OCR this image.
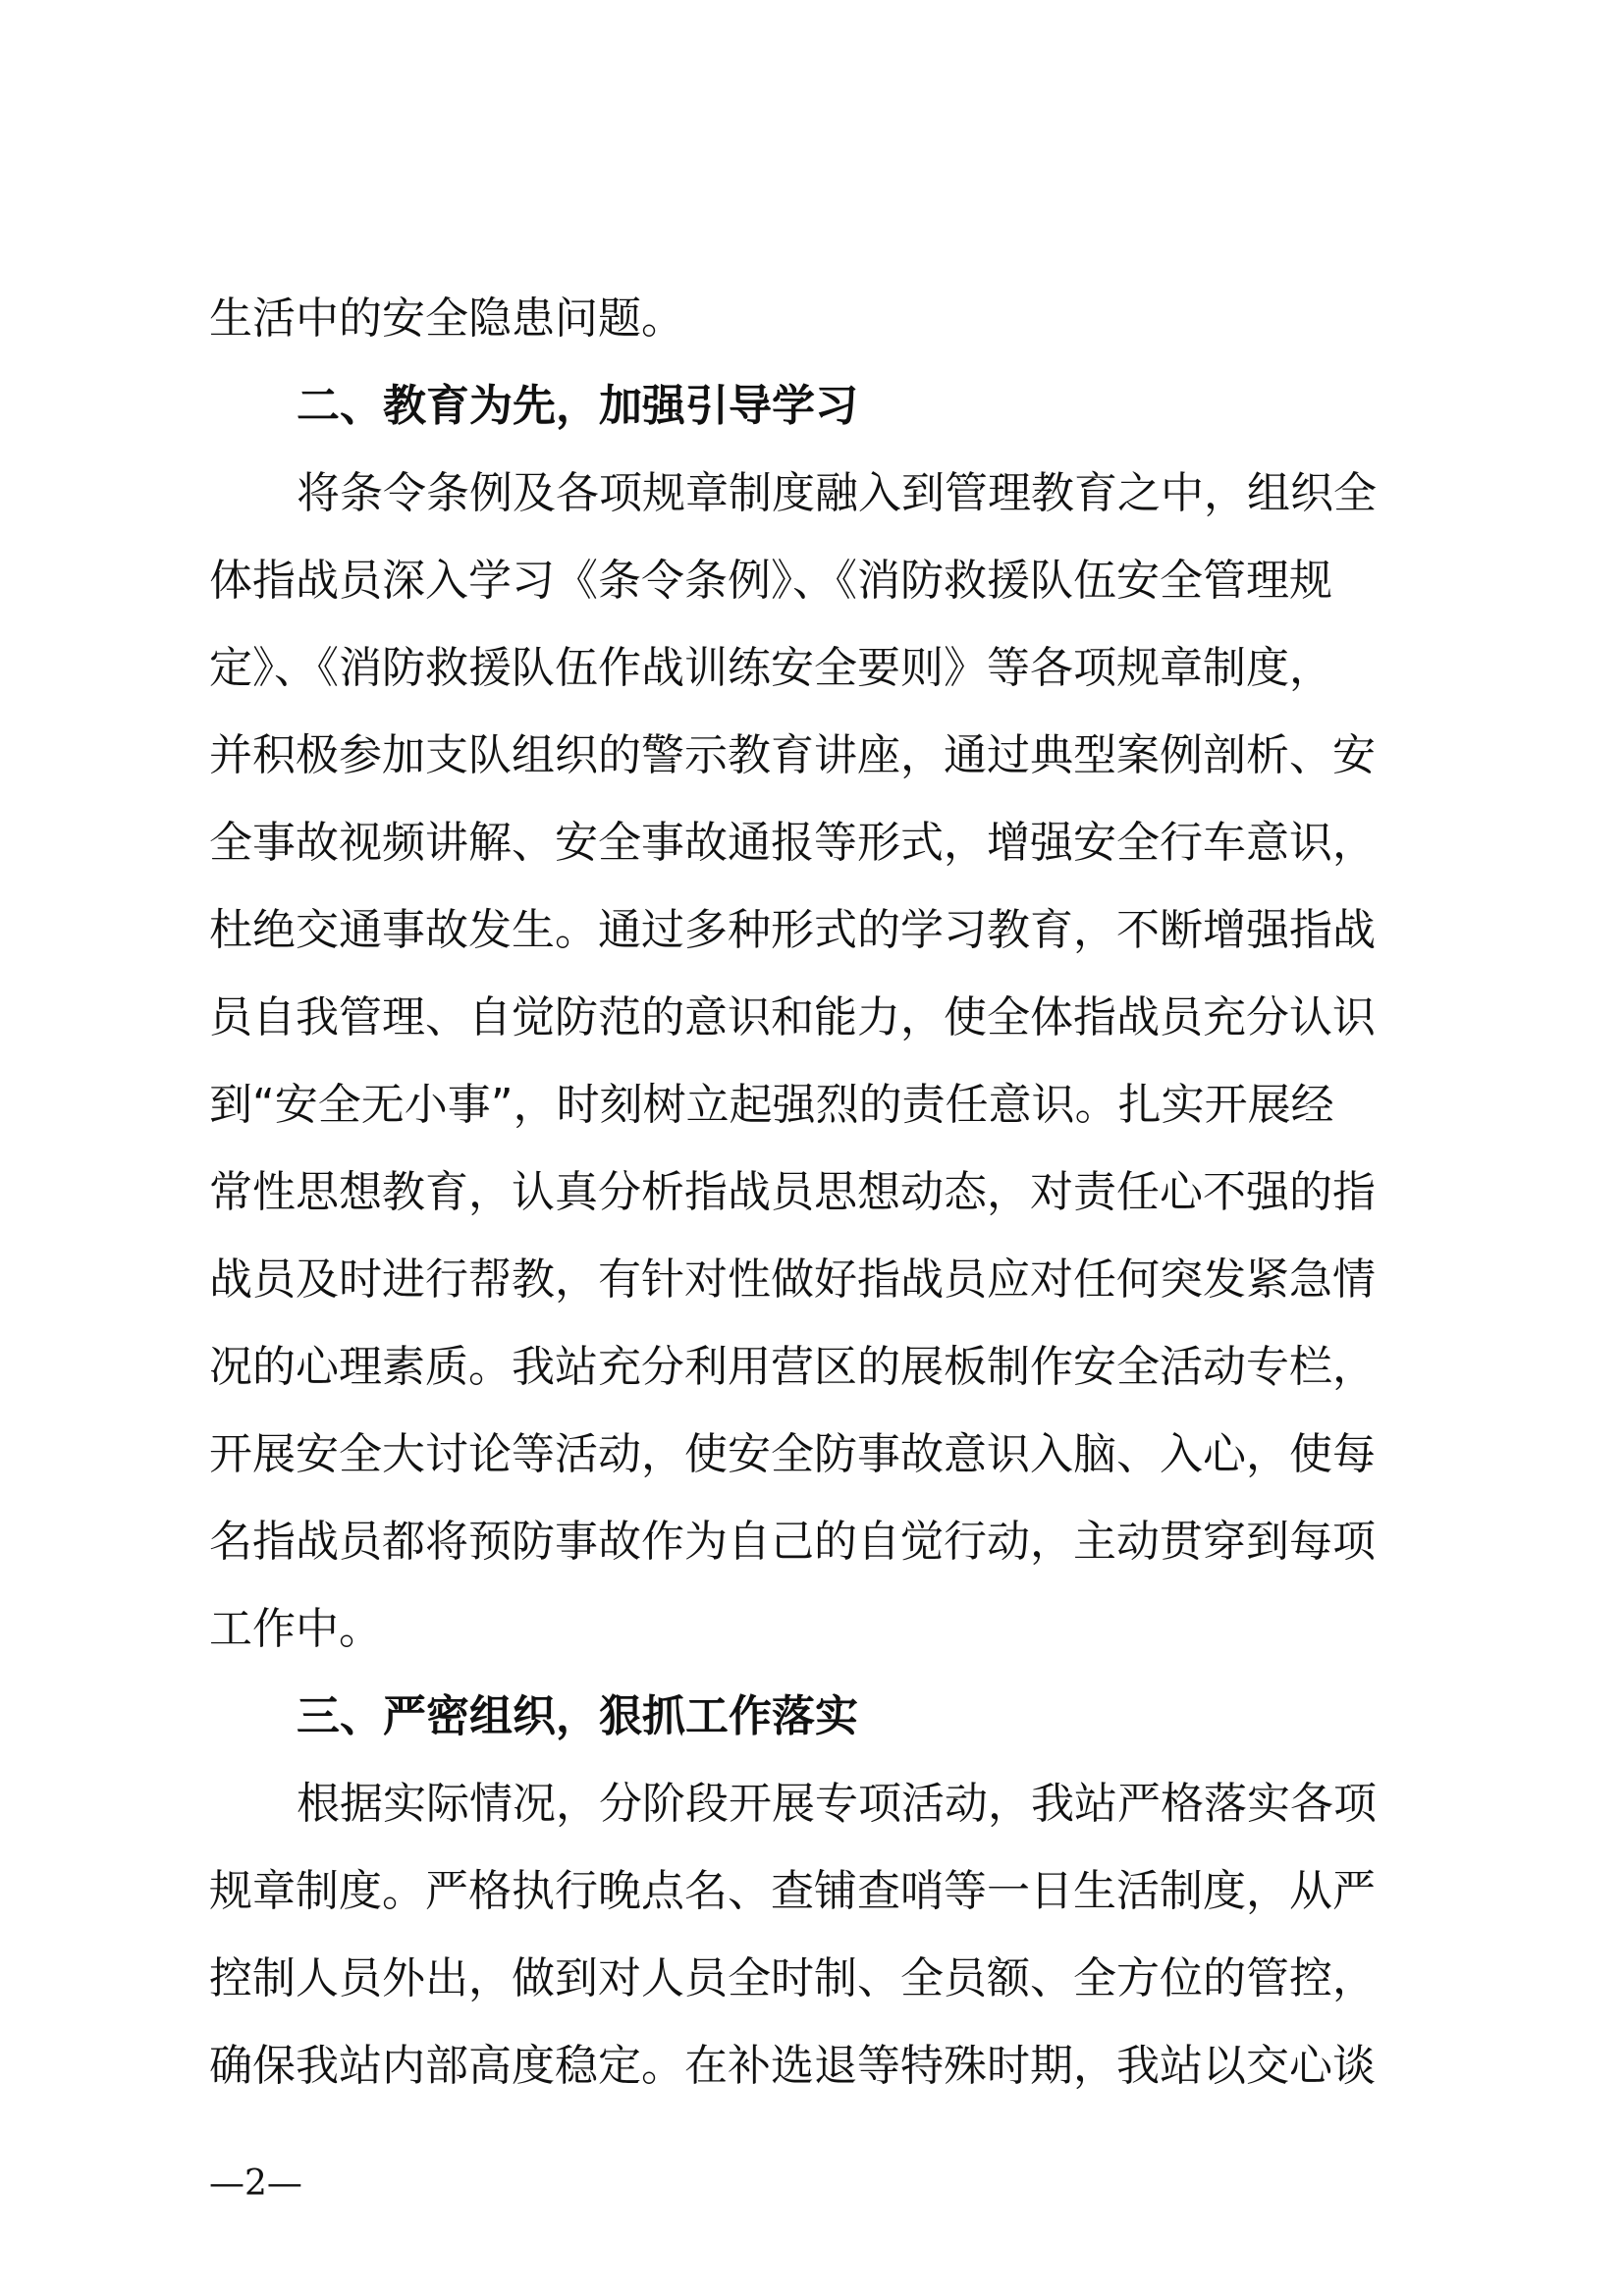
生活中的安全隐患问题。
二、教育为先，加强引导学习
将条令条例及各项规章制度融入到管理教育之中，组织全
体指战员深入学习《条令条例》、《消防救援队伍安全管理规
定》、《消防救援队伍作战训练安全要则》等各项规章制度，
并积极参加支队组织的警示教育讲座，通过典型案例剖析、安
全事故视频讲解、安全事故通报等形式，增强安全行车意识，
杜绝交通事故发生。通过多种形式的学习教育，不断增强指战
员自我管理、自觉防范的意识和能力，使全体指战员充分认识
到“安全无小事”，时刻树立起强烈的责任意识。扎实开展经
常性思想教育，认真分析指战员思想动态，对责任心不强的指
战员及时进行帮教，有针对性做好指战员应对任何突发紧急情
况的心理素质。我站充分利用营区的展板制作安全活动专栏，
开展安全大讨论等活动，使安全防事故意识入脑、入心，使每
名指战员都将预防事故作为自己的自觉行动，主动贯穿到每项
工作中。
三、严密组织，狠抓工作落实
根据实际情况，分阶段开展专项活动，我站严格落实各项
规章制度。严格执行晚点名、查铺查哨等一日生活制度，从严
控制人员外出，做到对人员全时制、全员额、全方位的管控，
确保我站内部高度稳定。在补选退等特殊时期，我站以交心谈
—2—
